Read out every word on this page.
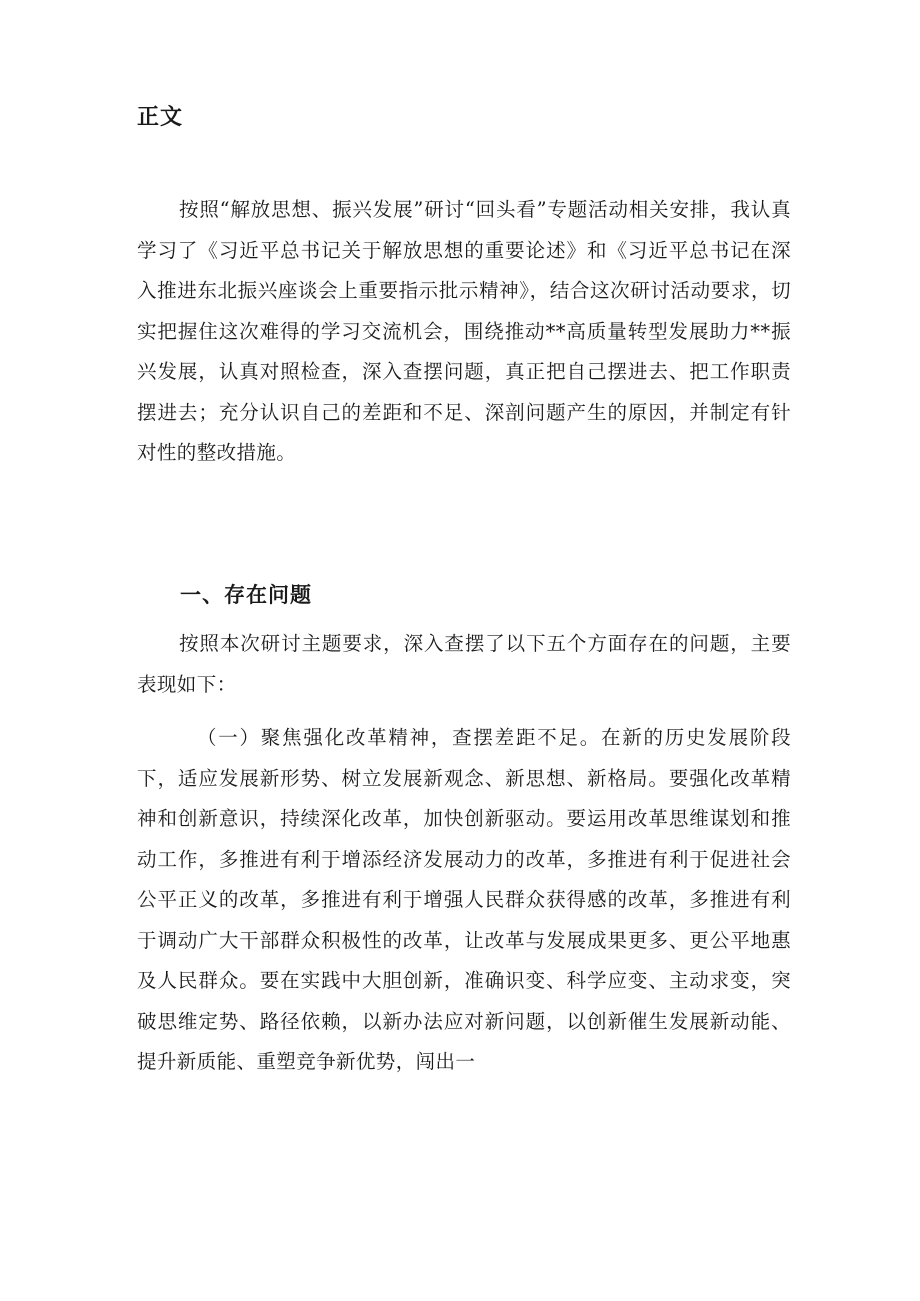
正文

按照“解放思想、振兴发展”研讨“回头看”专题活动相关安排，我认真学习了《习近平总书记关于解放思想的重要论述》和《习近平总书记在深入推进东北振兴座谈会上重要指示批示精神》，结合这次研讨活动要求，切实把握住这次难得的学习交流机会，围绕推动**高质量转型发展助力**振兴发展，认真对照检查，深入查摆问题，真正把自己摆进去、把工作职责摆进去；充分认识自己的差距和不足、深剖问题产生的原因，并制定有针对性的整改措施。

一、存在问题

按照本次研讨主题要求，深入查摆了以下五个方面存在的问题，主要表现如下：

（一）聚焦强化改革精神，查摆差距不足。在新的历史发展阶段下，适应发展新形势、树立发展新观念、新思想、新格局。要强化改革精神和创新意识，持续深化改革，加快创新驱动。要运用改革思维谋划和推动工作，多推进有利于增添经济发展动力的改革，多推进有利于促进社会公平正义的改革，多推进有利于增强人民群众获得感的改革，多推进有利于调动广大干部群众积极性的改革，让改革与发展成果更多、更公平地惠及人民群众。要在实践中大胆创新，准确识变、科学应变、主动求变，突破思维定势、路径依赖，以新办法应对新问题，以创新催生发展新动能、提升新质能、重塑竞争新优势，闯出一
